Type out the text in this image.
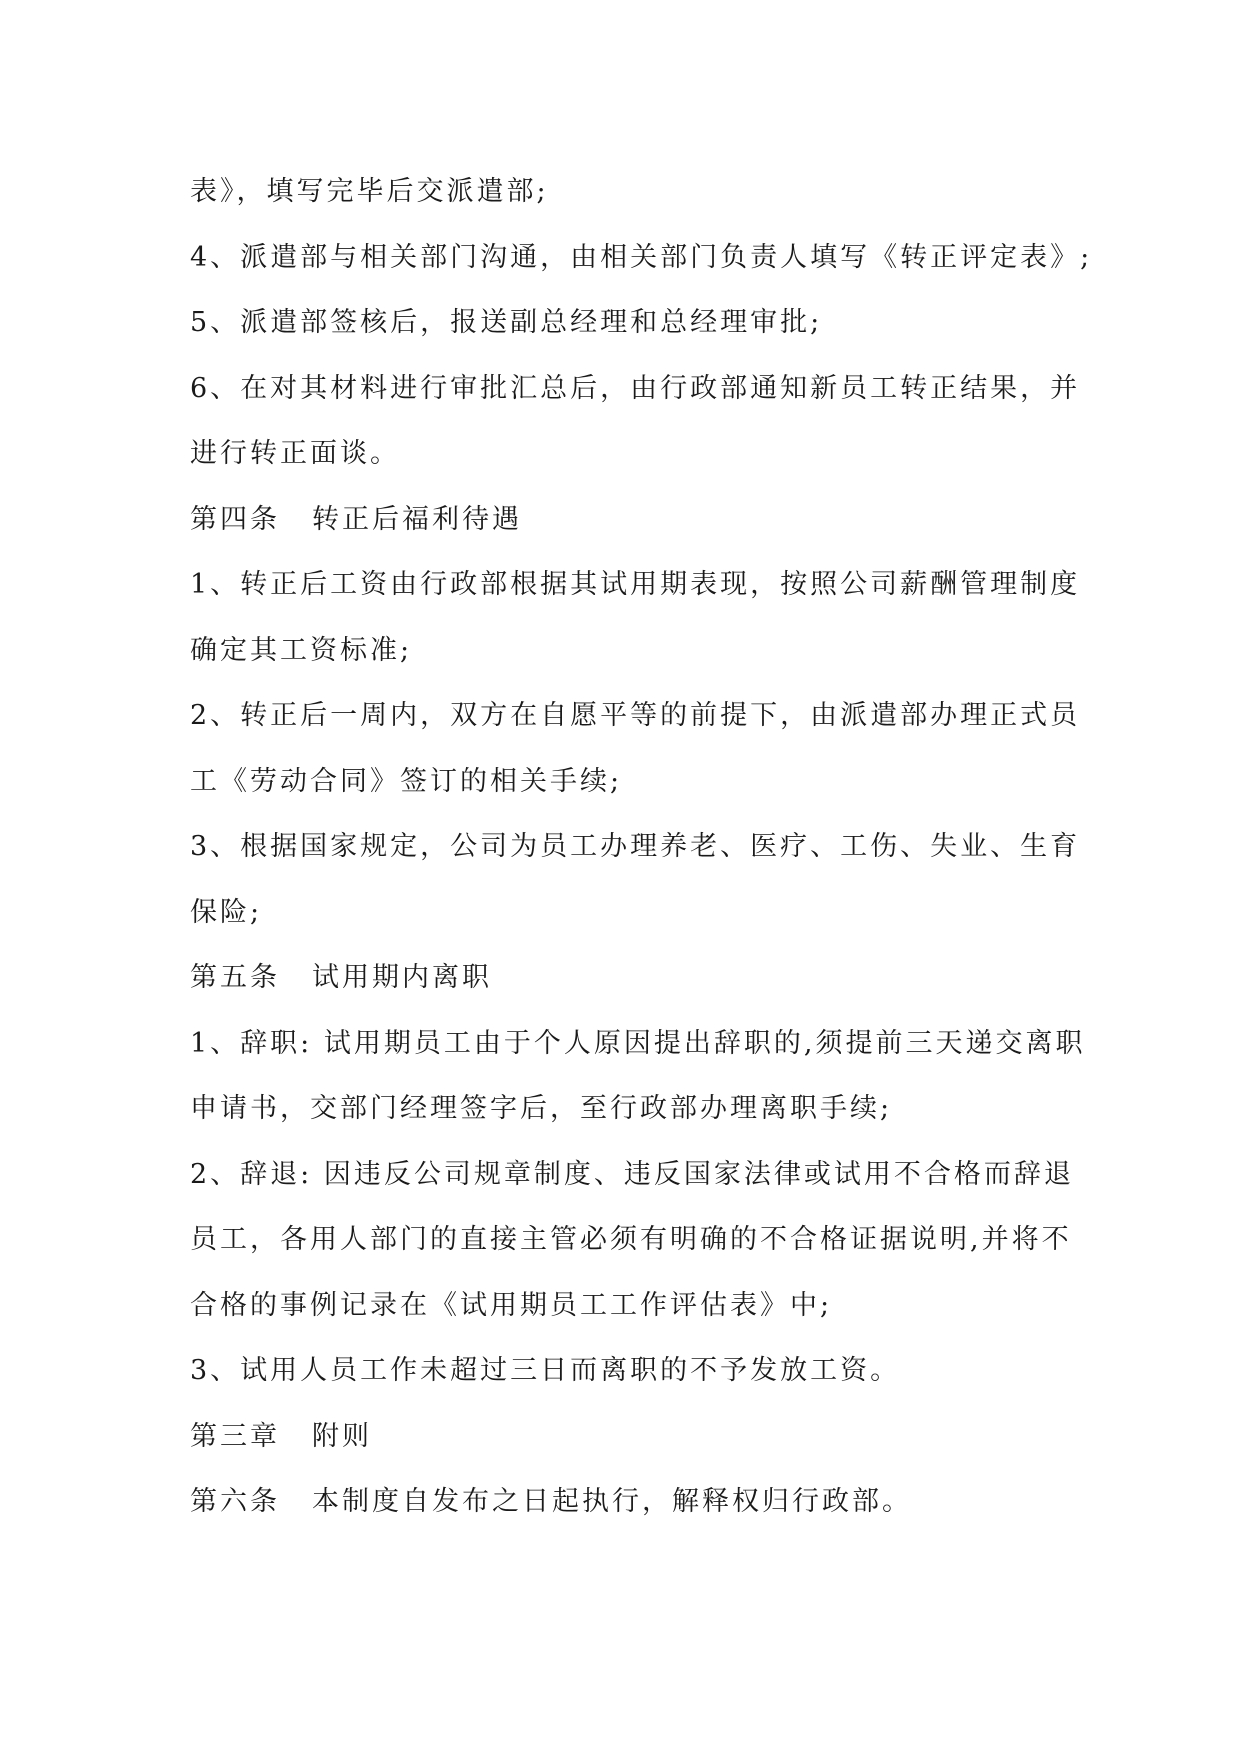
表》，填写完毕后交派遣部;
4、派遣部与相关部门沟通，由相关部门负责人填写《转正评定表》;
5、派遣部签核后，报送副总经理和总经理审批;
6、在对其材料进行审批汇总后，由行政部通知新员工转正结果，并
进行转正面谈。
第四条 转正后福利待遇
1、转正后工资由行政部根据其试用期表现，按照公司薪酬管理制度
确定其工资标准;
2、转正后一周内，双方在自愿平等的前提下，由派遣部办理正式员
工《劳动合同》签订的相关手续;
3、根据国家规定，公司为员工办理养老、医疗、工伤、失业、生育
保险;
第五条 试用期内离职
1、辞职: 试用期员工由于个人原因提出辞职的,须提前三天递交离职
申请书，交部门经理签字后，至行政部办理离职手续;
2、辞退: 因违反公司规章制度、违反国家法律或试用不合格而辞退
员工，各用人部门的直接主管必须有明确的不合格证据说明,并将不
合格的事例记录在《试用期员工工作评估表》中;
3、试用人员工作未超过三日而离职的不予发放工资。
第三章 附则
第六条 本制度自发布之日起执行，解释权归行政部。
